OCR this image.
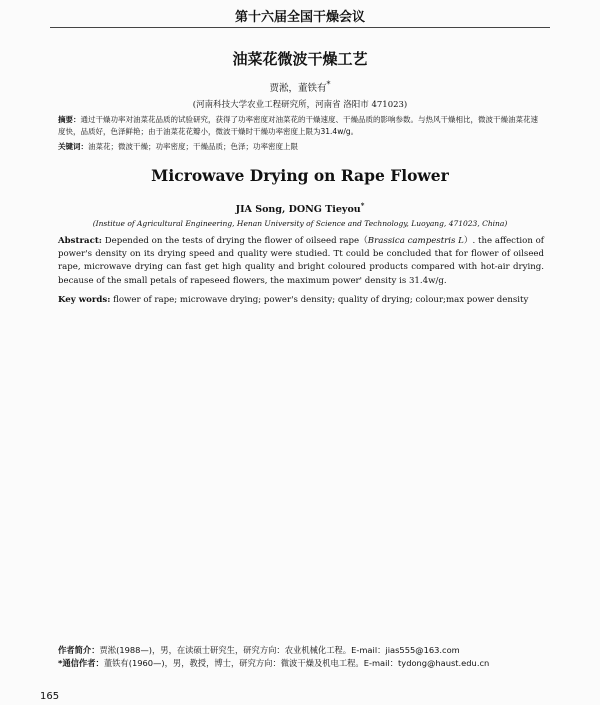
第十六届全国干燥会议
油菜花微波干燥工艺
贾淞，董铁有*
(河南科技大学农业工程研究所，河南省 洛阳市 471023)
摘要：通过干燥功率对油菜花品质的试验研究，获得了功率密度对油菜花的干燥速度、干燥品质的影响参数。与热风干燥相比，微波干燥油菜花速度快，品质好，色泽鲜艳；由于油菜花花瓣小，微波干燥时干燥功率密度上限为31.4w/g。
关键词：油菜花；微波干燥；功率密度；干燥品质；色泽；功率密度上限
Microwave Drying on Rape Flower
JIA Song, DONG Tieyou*
(Institue of Agricultural Engineering, Henan University of Science and Technology, Luoyang, 471023, China)
Abstract: Depended on the tests of drying the flower of oilseed rape（Brassica campestris L）. the affection of power's density on its drying speed and quality were studied. Tt could be concluded that for flower of oilseed rape, microwave drying can fast get high quality and bright coloured products compared with hot-air drying. because of the small petals of rapeseed flowers, the maximum power' density is 31.4w/g.
Key words: flower of rape; microwave drying; power's density; quality of drying; colour;max power density
作者简介：贾淞(1988—)，男，在读硕士研究生，研究方向：农业机械化工程。E-mail：jias555@163.com
*通信作者：董铁有(1960—)，男，教授，博士，研究方向：微波干燥及机电工程。E-mail：tydong@haust.edu.cn
165
